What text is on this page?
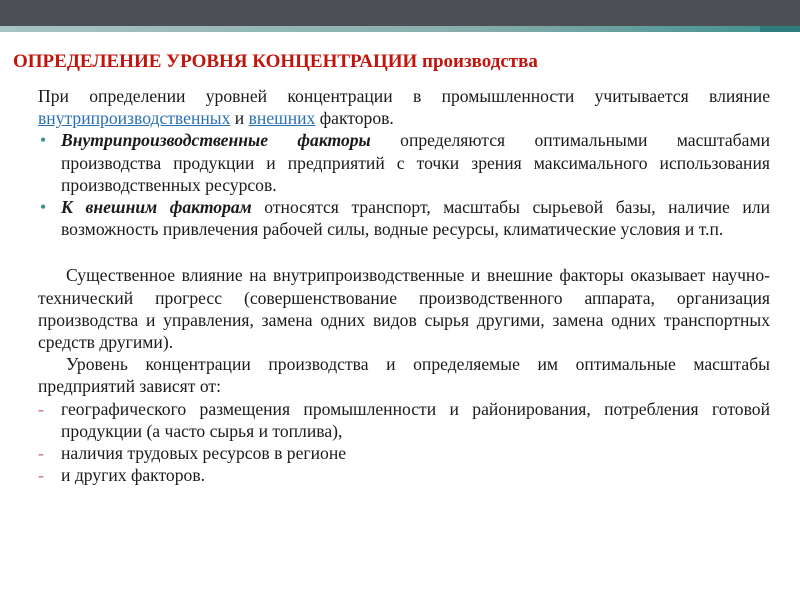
ОПРЕДЕЛЕНИЕ УРОВНЯ КОНЦЕНТРАЦИИ производства

При определении уровней концентрации в промышленности учитывается влияние внутрипроизводственных и внешних факторов.

• Внутрипроизводственные факторы определяются оптимальными масштабами производства продукции и предприятий с точки зрения максимального использования производственных ресурсов.

• К внешним факторам относятся транспорт, масштабы сырьевой базы, наличие или возможность привлечения рабочей силы, водные ресурсы, климатические условия и т.п.

Существенное влияние на внутрипроизводственные и внешние факторы оказывает научно-технический прогресс (совершенствование производственного аппарата, организация производства и управления, замена одних видов сырья другими, замена одних транспортных средств другими).

Уровень концентрации производства и определяемые им оптимальные масштабы предприятий зависят от:

- географического размещения промышленности и районирования, потребления готовой продукции (а часто сырья и топлива),

- наличия трудовых ресурсов в регионе

- и других факторов.
